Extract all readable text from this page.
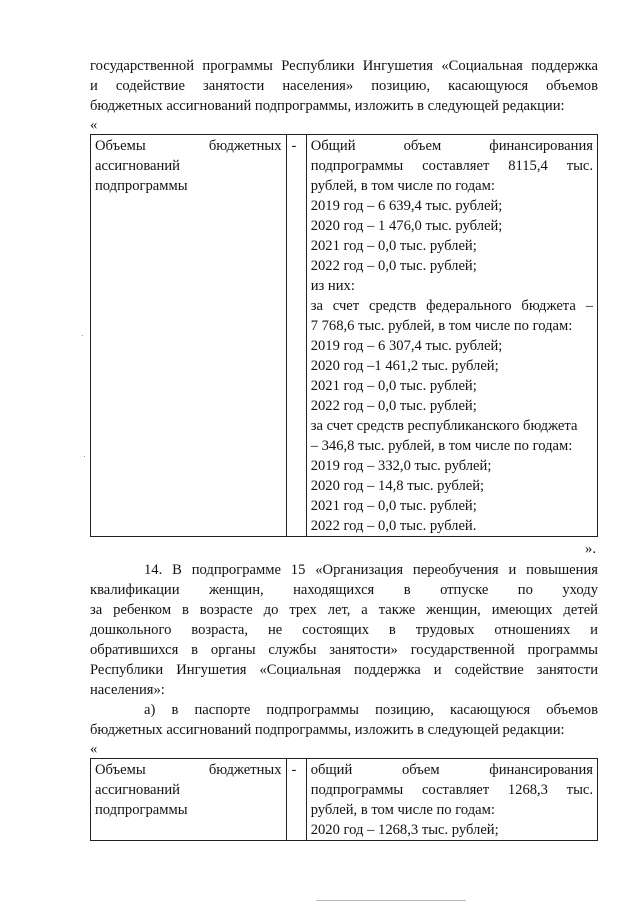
государственной программы Республики Ингушетия «Социальная поддержка

и содействие занятости населения» позицию, касающуюся объемов

бюджетных ассигнований подпрограммы, изложить в следующей редакции:

«

Объемы бюджетных
ассигнований
подпрограммы
	-	Общий объем финансирования
подпрограммы составляет 8115,4 тыс.
рублей, в том числе по годам:
2019 год – 6 639,4 тыс. рублей;
2020 год – 1 476,0 тыс. рублей;
2021 год – 0,0 тыс. рублей;
2022 год – 0,0 тыс. рублей;
из них:
за счет средств федерального бюджета –
7 768,6 тыс. рублей, в том числе по годам:
2019 год – 6 307,4 тыс. рублей;
2020 год –1 461,2 тыс. рублей;
2021 год – 0,0 тыс. рублей;
2022 год – 0,0 тыс. рублей;
за счет средств республиканского бюджета
– 346,8 тыс. рублей, в том числе по годам:
2019 год – 332,0 тыс. рублей;
2020 год – 14,8 тыс. рублей;
2021 год – 0,0 тыс. рублей;
2022 год – 0,0 тыс. рублей.

».

14. В подпрограмме 15 «Организация переобучения и повышения

квалификации женщин, находящихся в отпуске по уходу

за ребенком в возрасте до трех лет, а также женщин, имеющих детей

дошкольного возраста, не состоящих в трудовых отношениях и

обратившихся в органы службы занятости» государственной программы

Республики Ингушетия «Социальная поддержка и содействие занятости

населения»:

а) в паспорте подпрограммы позицию, касающуюся объемов

бюджетных ассигнований подпрограммы, изложить в следующей редакции:

«

Объемы бюджетных
ассигнований
подпрограммы
	-	общий объем финансирования
подпрограммы составляет 1268,3 тыс.
рублей, в том числе по годам:
2020 год – 1268,3 тыс. рублей;
